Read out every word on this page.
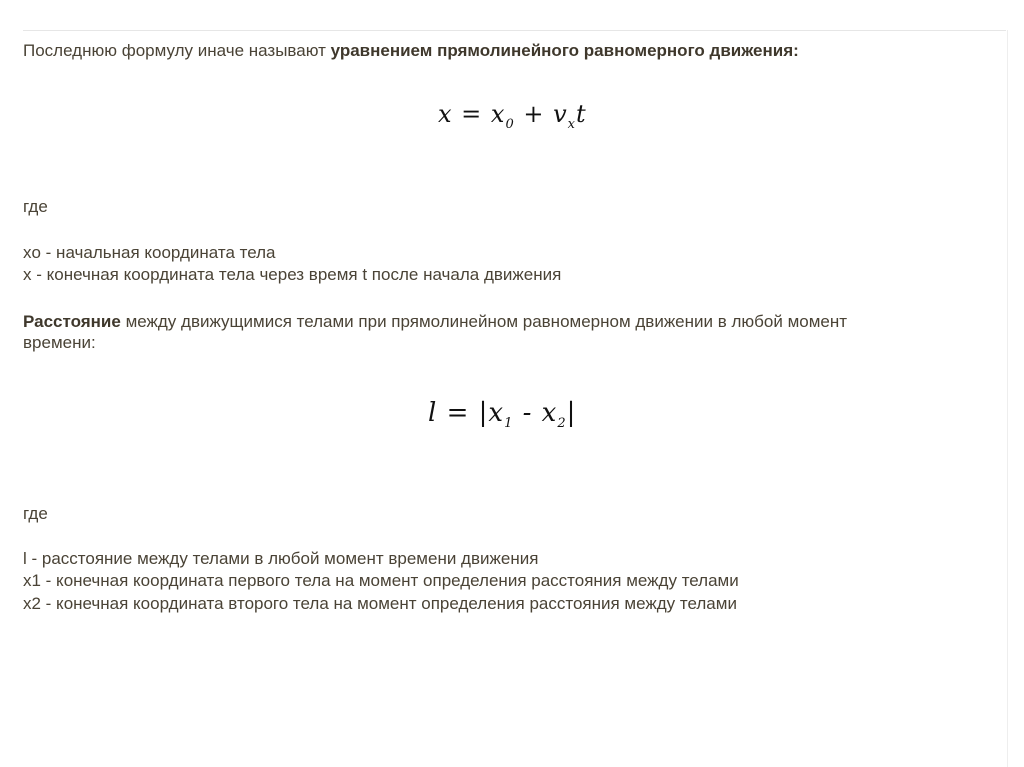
Последнюю формулу иначе называют уравнением прямолинейного равномерного движения:
$x = x_0 + v_xt$
где
xo - начальная координата тела
x - конечная координата тела через время t после начала движения
Расстояние между движущимися телами при прямолинейном равномерном движении в любой момент
времени:
$l = |x_1 - x_2|$
где
l - расстояние между телами в любой момент времени движения
x1 - конечная координата первого тела на момент определения расстояния между телами
x2 - конечная координата второго тела на момент определения расстояния между телами
